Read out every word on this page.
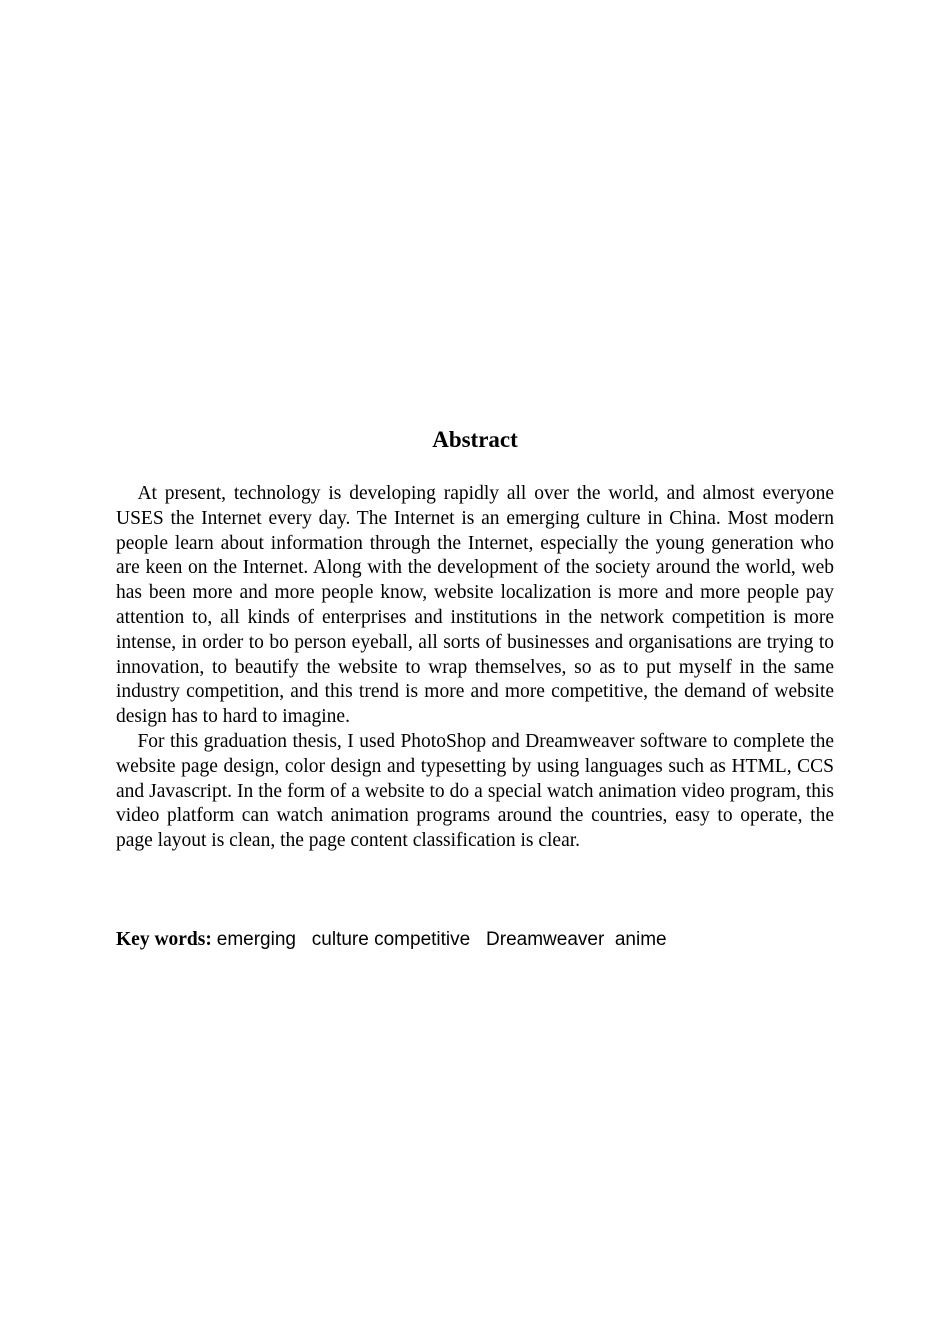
Abstract

At present, technology is developing rapidly all over the world, and almost everyone USES the Internet every day. The Internet is an emerging culture in China. Most modern people learn about information through the Internet, especially the young generation who are keen on the Internet. Along with the development of the society around the world, web has been more and more people know, website localization is more and more people pay attention to, all kinds of enterprises and institutions in the network competition is more intense, in order to bo person eyeball, all sorts of businesses and organisations are trying to innovation, to beautify the website to wrap themselves, so as to put myself in the same industry competition, and this trend is more and more competitive, the demand of website design has to hard to imagine.

For this graduation thesis, I used PhotoShop and Dreamweaver software to complete the website page design, color design and typesetting by using languages such as HTML, CCS and Javascript. In the form of a website to do a special watch animation video program, this video platform can watch animation programs around the countries, easy to operate, the page layout is clean, the page content classification is clear.

Key words: emerging   culture competitive   Dreamweaver  anime
